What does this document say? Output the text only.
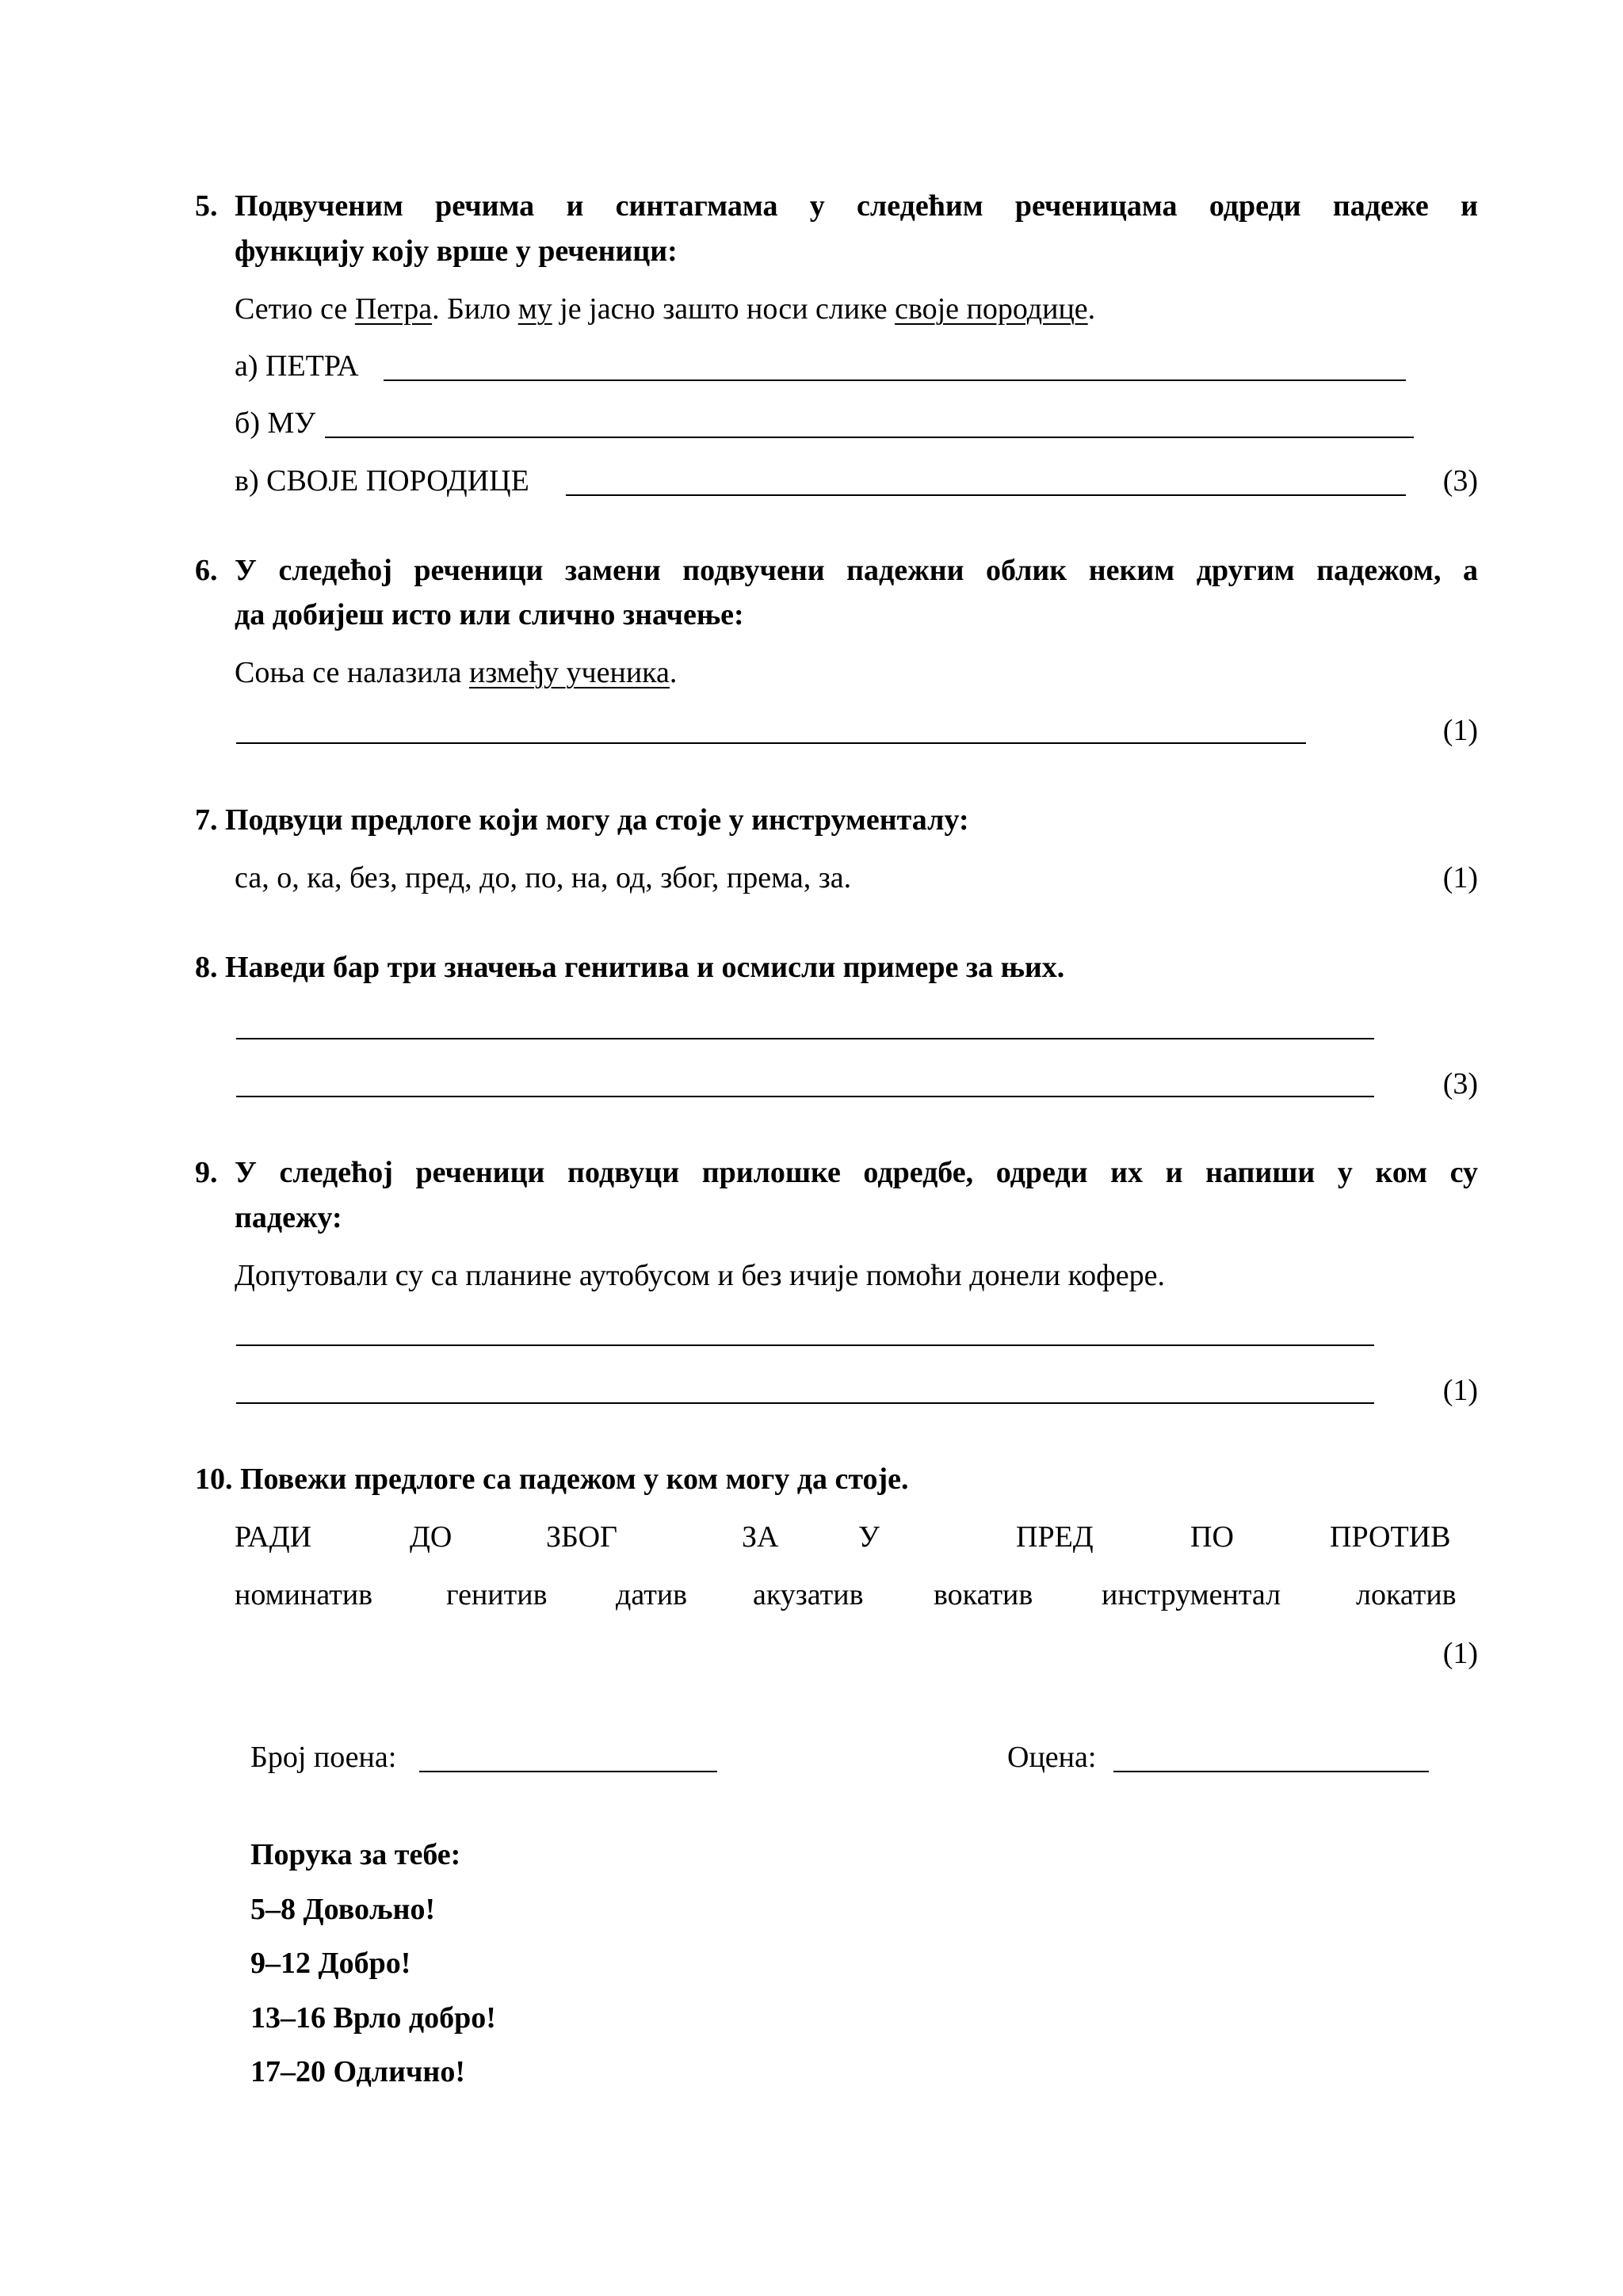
5. Подвученим речима и синтагмама у следећим реченицама одреди падеже и
функцију коју врше у реченици:
Сетио се Петра. Било му је јасно зашто носи слике своје породице.
а) ПЕТРА
б) МУ
в) СВОЈЕ ПОРОДИЦЕ	(3)
6. У следећој реченици замени подвучени падежни облик неким другим падежом, а
да добијеш исто или слично значење:
Соња се налазила између ученика.
(1)
7. Подвуци предлоге који могу да стоје у инструменталу:
са, о, ка, без, пред, до, по, на, од, због, према, за.	(1)
8. Наведи бар три значења генитива и осмисли примере за њих.
(3)
9. У следећој реченици подвуци прилошке одредбе, одреди их и напиши у ком су
падежу:
Допутовали су са планине аутобусом и без ичије помоћи донели кофере.
(1)
10. Повежи предлоге са падежом у ком могу да стоје.
РАДИ	ДО	ЗБОГ	ЗА	У	ПРЕД	ПО	ПРОТИВ
номинатив генитив датив акузатив вокатив инструментал локатив
(1)
Број поена:	Оцена:
Порука за тебе:
5–8 Довољно!
9–12 Добро!
13–16 Врло добро!
17–20 Одлично!
